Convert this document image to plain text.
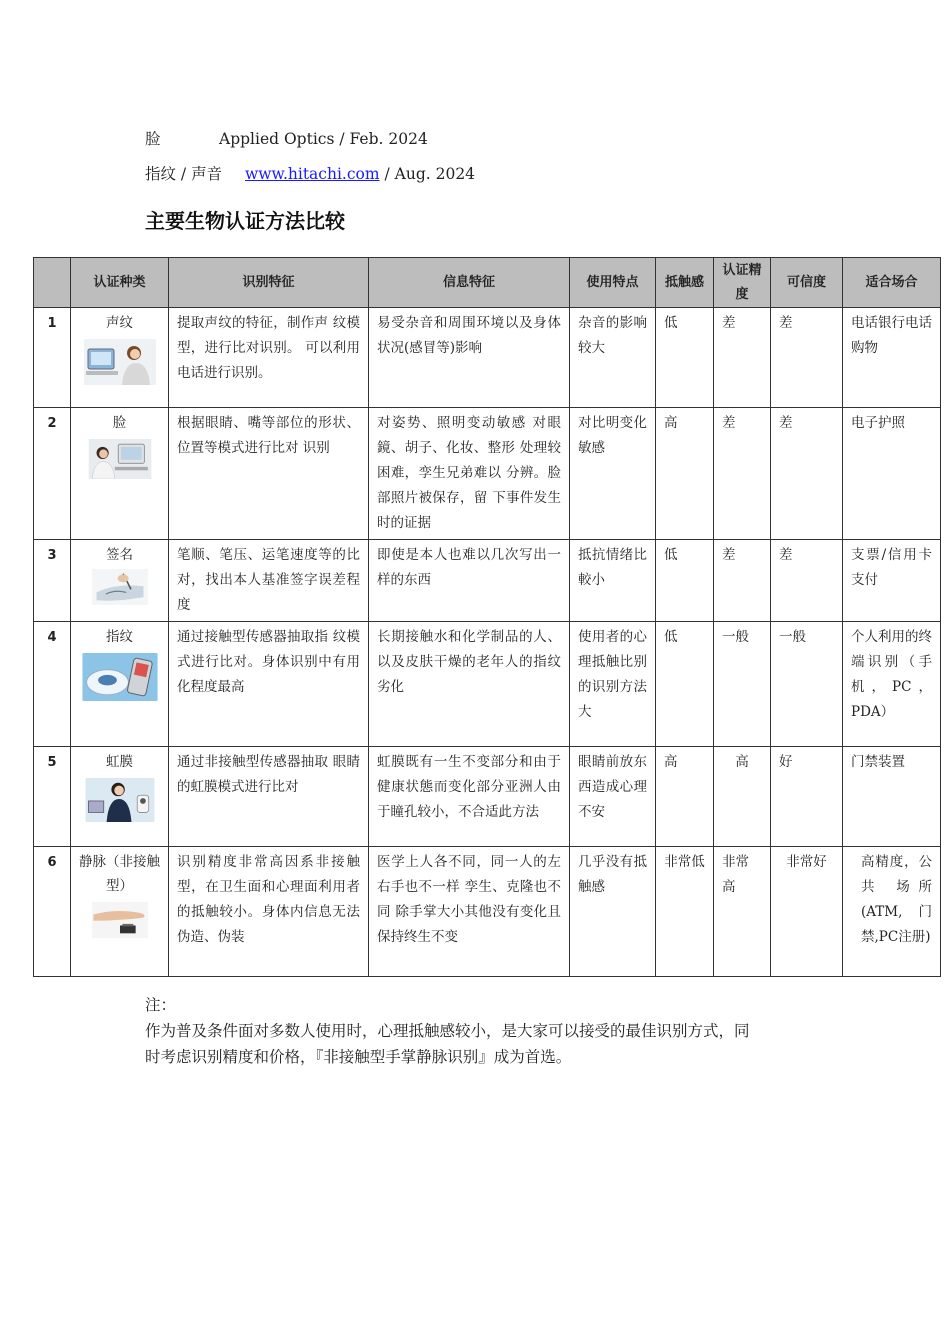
脸	Applied Optics / Feb. 2024
指纹 / 声音 www.hitachi.com / Aug. 2024
主要生物认证方法比较
	认证种类	识别特征	信息特征	使用特点	抵触感	认证精度	可信度	适合场合
1	声纹	提取声纹的特征，制作声 纹模型，进行比对识别。 可以利用电话进行识别。	易受杂音和周围环境以及身体状况(感冒等)影响	杂音的影响较大	低	差	差	电话银行电话购物
2	脸	根据眼睛、嘴等部位的形状、位置等模式进行比对 识别	对姿势、照明变动敏感 对眼鏡、胡子、化妆、整形 处理较困难，孪生兄弟难以 分辨。脸部照片被保存，留 下事件发生时的证据	对比明变化敏感	高	差	差	电子护照
3	签名	笔顺、笔压、运笔速度等的比对，找出本人基准签字误差程度	即使是本人也难以几次写出一样的东西	抵抗情绪比較小	低	差	差	支票/信用卡支付
4	指纹	通过接触型传感器抽取指 纹模式进行比对。身体识别中有用化程度最高	长期接触水和化学制品的人、以及皮肤干燥的老年人的指纹劣化	使用者的心理抵触比别 的识别方法大	低	一般	一般	个人利用的终端识别（手机，PC，PDA）
5	虹膜	通过非接触型传感器抽取 眼睛的虹膜模式进行比对	虹膜既有一生不变部分和由于健康状態而变化部分亚洲人由于瞳孔较小，不合适此方法	眼睛前放东西造成心理 不安	高	高	好	门禁装置
6	静脉（非接触型）	识别精度非常高因系非接触型，在卫生面和心理面利用者的抵触较小。身体内信息无法伪造、伪装	医学上人各不同，同一人的左右手也不一样 孪生、克隆也不同 除手掌大小其他没有变化且保持终生不变	几乎没有抵触感	非常低	非常高	非常好	高精度，公共 场所(ATM,门 禁,PC注册)

注：

作为普及条件面对多数人使用时，心理抵触感较小，是大家可以接受的最佳识别方式，同

时考虑识别精度和价格，『非接触型手掌静脉识别』成为首选。
